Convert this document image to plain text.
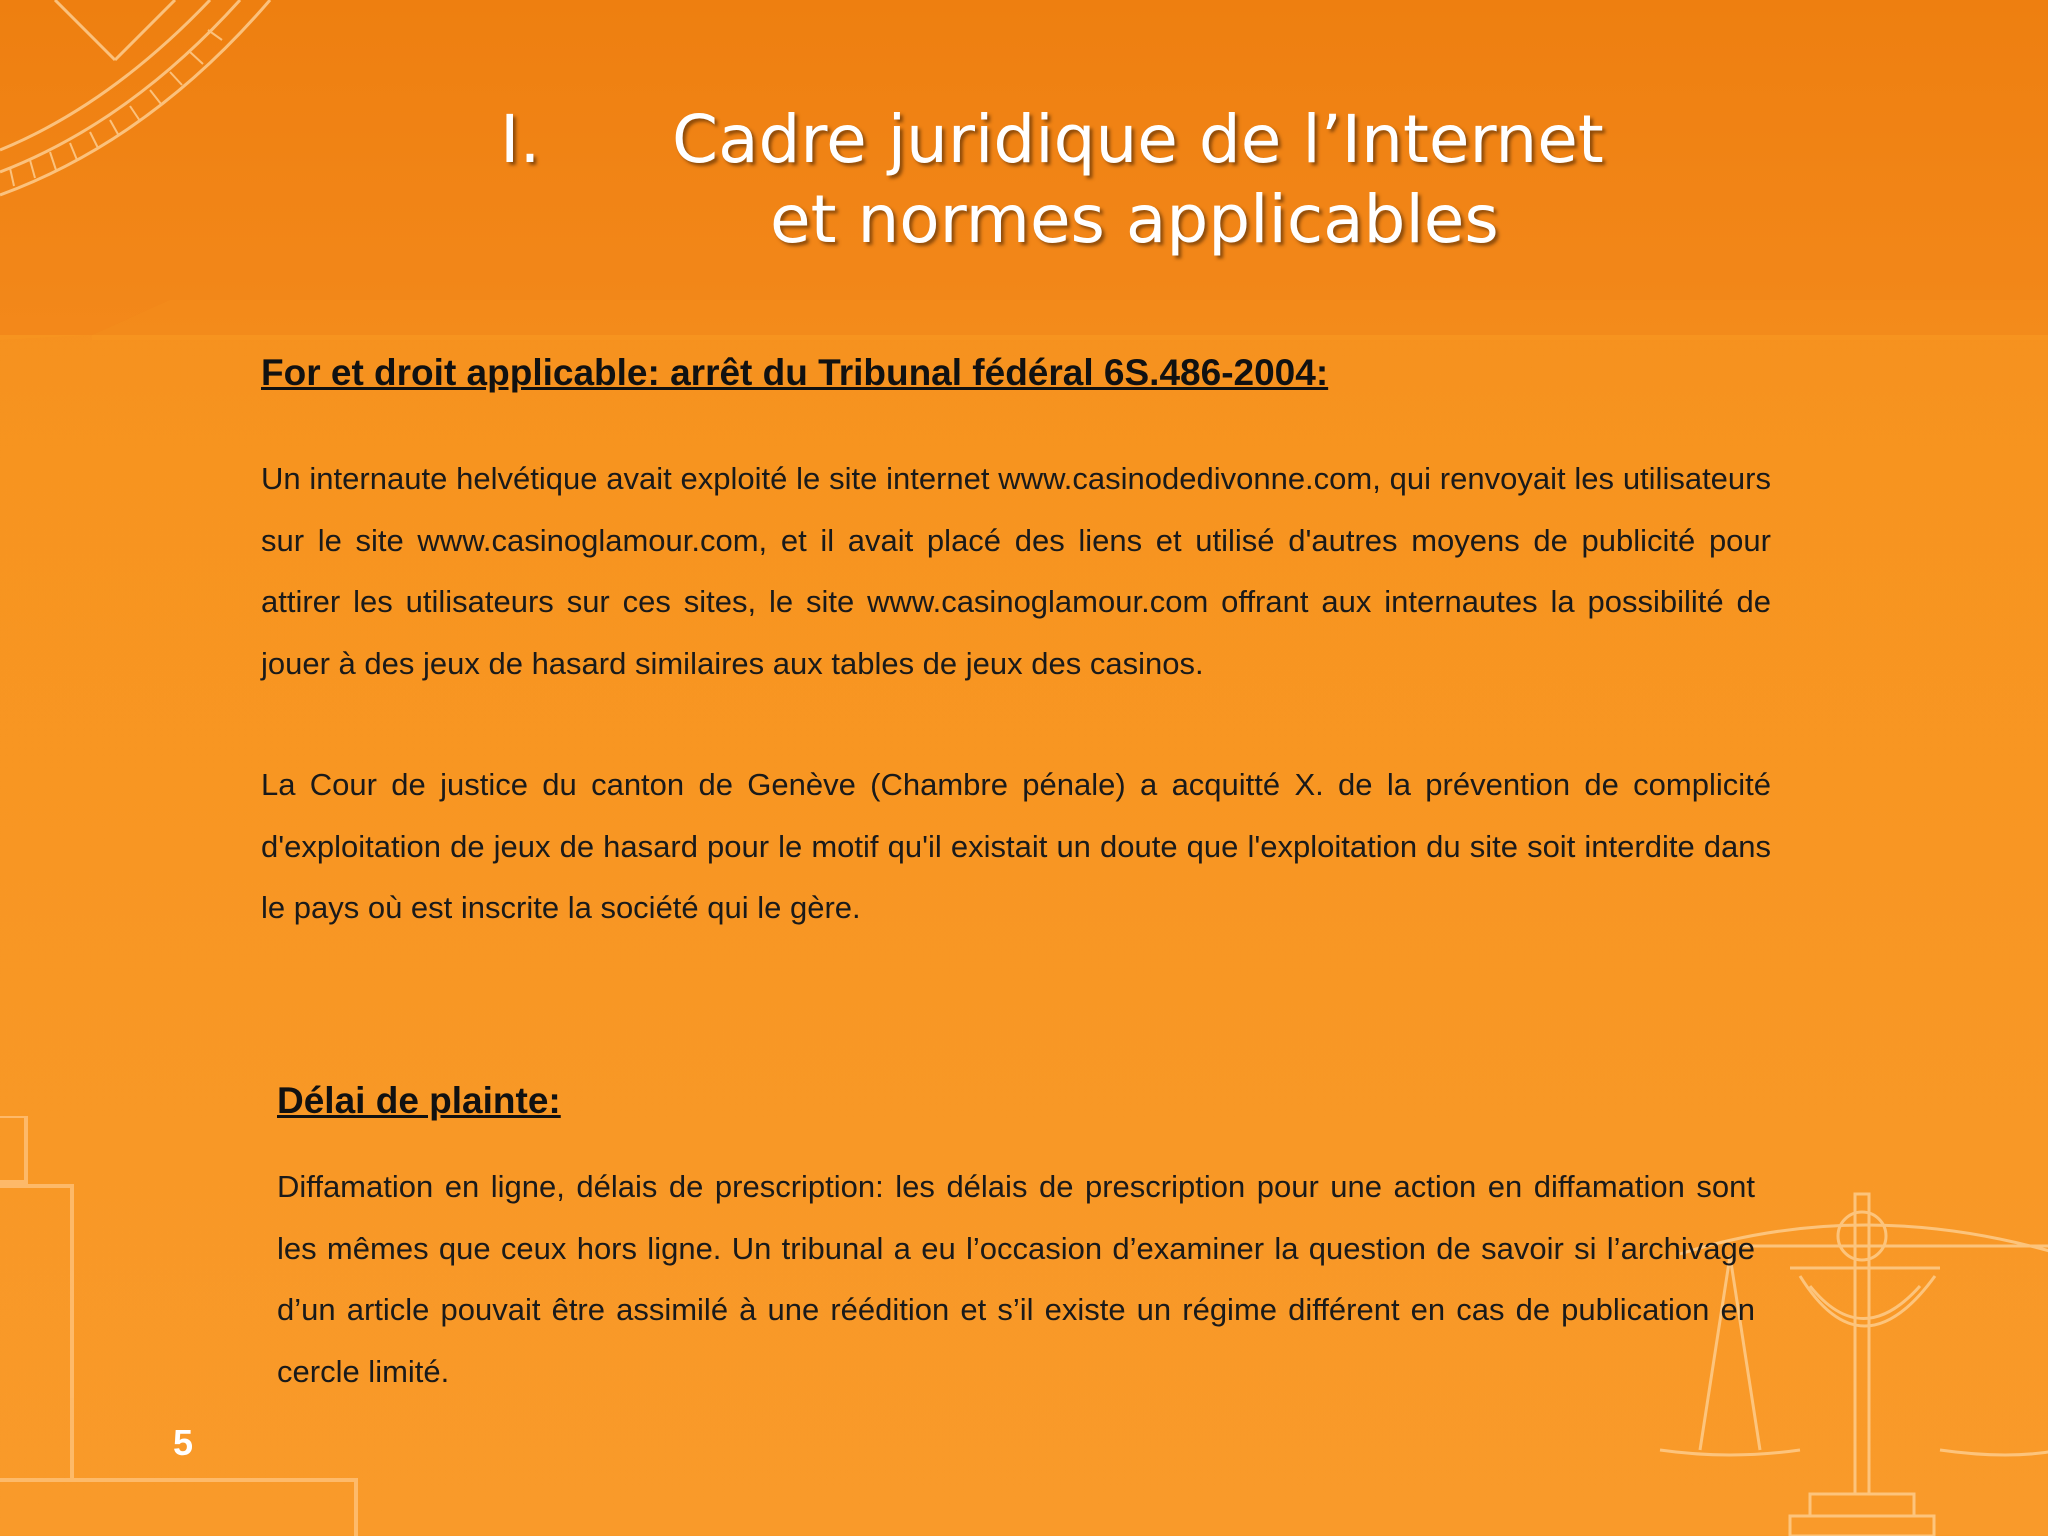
I. Cadre juridique de l’Internet
et normes applicables
For et droit applicable: arrêt du Tribunal fédéral 6S.486-2004:
Un internaute helvétique avait exploité le site internet www.casinodedivonne.com, qui renvoyait les utilisateurs sur le site www.casinoglamour.com, et il avait placé des liens et utilisé d'autres moyens de publicité pour attirer les utilisateurs sur ces sites, le site www.casinoglamour.com offrant aux internautes la possibilité de jouer à des jeux de hasard similaires aux tables de jeux des casinos.
La Cour de justice du canton de Genève (Chambre pénale) a acquitté X. de la prévention de complicité d'exploitation de jeux de hasard pour le motif qu'il existait un doute que l'exploitation du site soit interdite dans le pays où est inscrite la société qui le gère.
Délai de plainte:
Diffamation en ligne, délais de prescription: les délais de prescription pour une action en diffamation sont les mêmes que ceux hors ligne. Un tribunal a eu l’occasion d’examiner la question de savoir si l’archivage d’un article pouvait être assimilé à une réédition et s’il existe un régime différent en cas de publication en cercle limité.
5
